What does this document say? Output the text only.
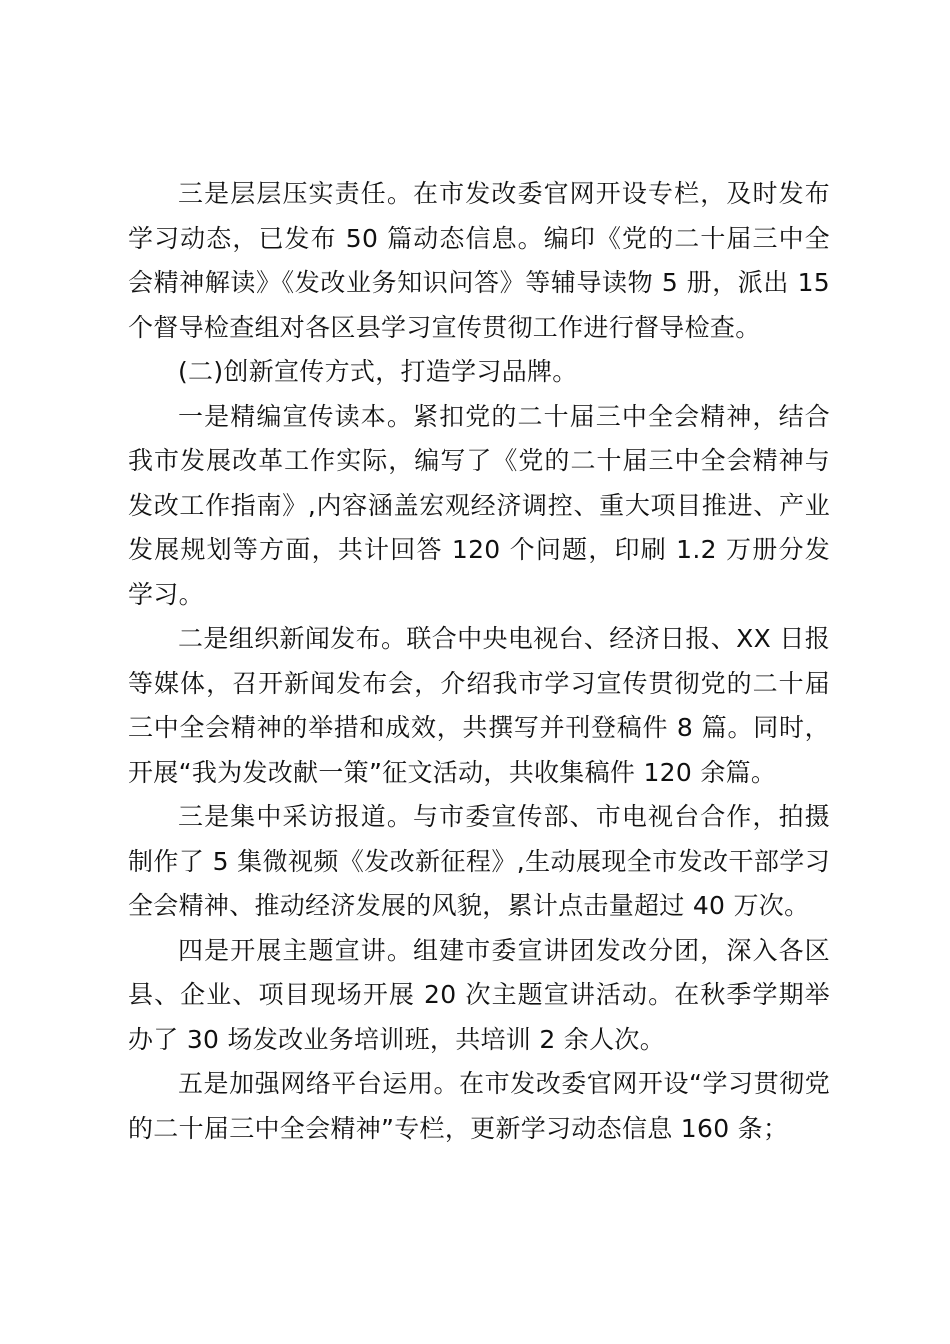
三是层层压实责任。在市发改委官网开设专栏，及时发布学习动态，已发布 50 篇动态信息。编印《党的二十届三中全会精神解读》《发改业务知识问答》等辅导读物 5 册，派出 15 个督导检查组对各区县学习宣传贯彻工作进行督导检查。

(二)创新宣传方式，打造学习品牌。

一是精编宣传读本。紧扣党的二十届三中全会精神，结合我市发展改革工作实际，编写了《党的二十届三中全会精神与发改工作指南》,内容涵盖宏观经济调控、重大项目推进、产业发展规划等方面，共计回答 120 个问题，印刷 1.2 万册分发学习。

二是组织新闻发布。联合中央电视台、经济日报、XX 日报等媒体，召开新闻发布会，介绍我市学习宣传贯彻党的二十届三中全会精神的举措和成效，共撰写并刊登稿件 8 篇。同时，开展“我为发改献一策”征文活动，共收集稿件 120 余篇。

三是集中采访报道。与市委宣传部、市电视台合作，拍摄制作了 5 集微视频《发改新征程》,生动展现全市发改干部学习全会精神、推动经济发展的风貌，累计点击量超过 40 万次。

四是开展主题宣讲。组建市委宣讲团发改分团，深入各区县、企业、项目现场开展 20 次主题宣讲活动。在秋季学期举办了 30 场发改业务培训班，共培训 2 余人次。

五是加强网络平台运用。在市发改委官网开设“学习贯彻党的二十届三中全会精神”专栏，更新学习动态信息 160 条；
